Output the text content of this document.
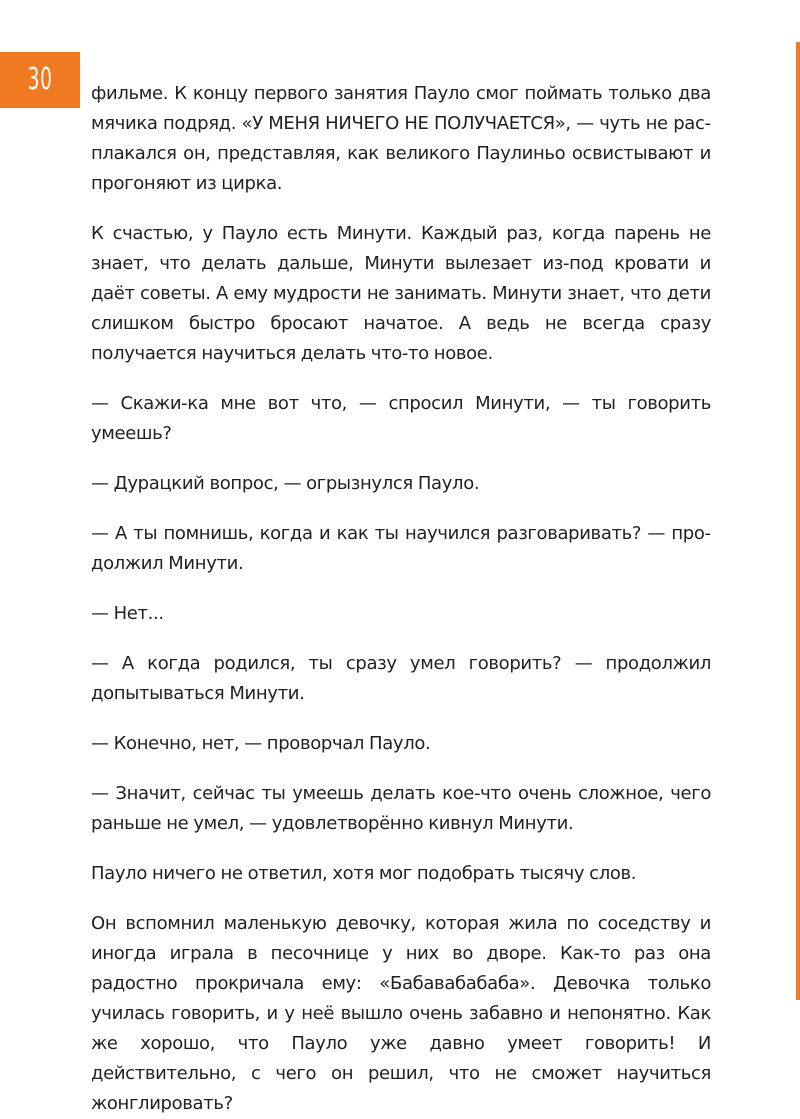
30 фильме. К концу первого занятия Пауло смог поймать только два мячика подряд. «У МЕНЯ НИЧЕГО НЕ ПОЛУЧАЕТСЯ», — чуть не расплакался он, представляя, как великого Паулиньо освистывают и прогоняют из цирка.

К счастью, у Пауло есть Минути. Каждый раз, когда парень не знает, что делать дальше, Минути вылезает из-под кровати и даёт советы. А ему мудрости не занимать. Минути знает, что дети слишком быстро бросают начатое. А ведь не всегда сразу получается научиться делать что-то новое.

— Скажи-ка мне вот что, — спросил Минути, — ты говорить умеешь?

— Дурацкий вопрос, — огрызнулся Пауло.

— А ты помнишь, когда и как ты научился разговаривать? — продолжил Минути.

— Нет...

— А когда родился, ты сразу умел говорить? — продолжил допытываться Минути.

— Конечно, нет, — проворчал Пауло.

— Значит, сейчас ты умеешь делать кое-что очень сложное, чего раньше не умел, — удовлетворённо кивнул Минути.

Пауло ничего не ответил, хотя мог подобрать тысячу слов.

Он вспомнил маленькую девочку, которая жила по соседству и иногда играла в песочнице у них во дворе. Как-то раз она радостно прокричала ему: «Бабавабабаба». Девочка только училась говорить, и у неё вышло очень забавно и непонятно. Как же хорошо, что Пауло уже давно умеет говорить! И действительно, с чего он решил, что не сможет научиться жонглировать?
